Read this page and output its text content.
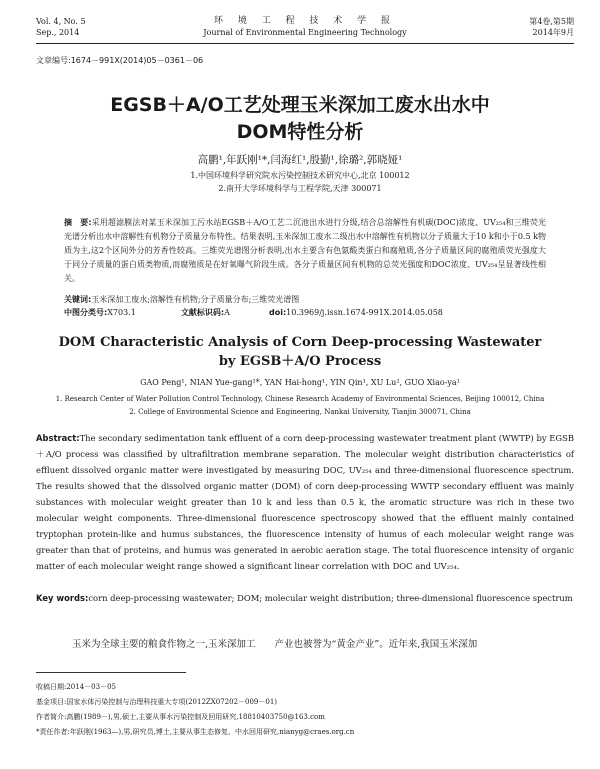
Vol. 4, No. 5
Sep., 2014
环 境 工 程 技 术 学 报
Journal of Environmental Engineering Technology
第4卷,第5期
2014年9月
文章编号:1674－991X(2014)05－0361－06
EGSB＋A/O工艺处理玉米深加工废水出水中
DOM特性分析
高鹏¹,年跃刚¹*,闫海红¹,殷勤¹,徐璐²,郭晓娅¹
1.中国环境科学研究院水污染控制技术研究中心,北京 100012
2.南开大学环境科学与工程学院,天津 300071
摘　要:采用超滤膜法对某玉米深加工污水站EGSB＋A/O工艺二沉池出水进行分级,结合总溶解性有机碳(DOC)浓度、UV₂₅₄和三维荧光光谱分析出水中溶解性有机物分子质量分布特性。结果表明,玉米深加工废水二级出水中溶解性有机物以分子质量大于10 k和小于0.5 k物质为主,这2个区间外分的芳香性较高。三维荧光谱图分析表明,出水主要含有色氨酸类蛋白和腐殖质,各分子质量区间的腐殖质荧光强度大于同分子质量的蛋白质类物质,而腐殖质是在好氧曝气阶段生成。各分子质量区间有机物的总荧光强度和DOC浓度、UV₂₅₄呈显著线性相关。
关键词:玉米深加工废水;溶解性有机物;分子质量分布;三维荧光谱图
中图分类号:X703.1	文献标识码:A	doi:10.3969/j.issn.1674-991X.2014.05.058
DOM Characteristic Analysis of Corn Deep-processing Wastewater
by EGSB＋A/O Process
GAO Peng¹, NIAN Yue-gang¹*, YAN Hai-hong¹, YIN Qin¹, XU Lu², GUO Xiao-ya¹
1. Research Center of Water Pollution Control Technology, Chinese Research Academy of Environmental Sciences, Beijing 100012, China
2. College of Environmental Science and Engineering, Nankai University, Tianjin 300071, China
Abstract:The secondary sedimentation tank effluent of a corn deep-processing wastewater treatment plant (WWTP) by EGSB＋A/O process was classified by ultrafiltration membrane separation. The molecular weight distribution characteristics of effluent dissolved organic matter were investigated by measuring DOC, UV₂₅₄ and three-dimensional fluorescence spectrum. The results showed that the dissolved organic matter (DOM) of corn deep-processing WWTP secondary effluent was mainly substances with molecular weight greater than 10 k and less than 0.5 k, the aromatic structure was rich in these two molecular weight components. Three-dimensional fluorescence spectroscopy showed that the effluent mainly contained tryptophan protein-like and humus substances, the fluorescence intensity of humus of each molecular weight range was greater than that of proteins, and humus was generated in aerobic aeration stage. The total fluorescence intensity of organic matter of each molecular weight range showed a significant linear correlation with DOC and UV₂₅₄.
Key words:corn deep-processing wastewater; DOM; molecular weight distribution; three-dimensional fluorescence spectrum
玉米为全球主要的粮食作物之一,玉米深加工　　产业也被誉为“黄金产业”。近年来,我国玉米深加
收稿日期:2014－03－05
基金项目:国家水体污染控制与治理科技重大专项(2012ZX07202－009－01)
作者简介:高鹏(1989－),男,硕士,主要从事水污染控制及回用研究,18810403750@163.com
*责任作者:年跃刚(1963—),男,研究员,博士,主要从事生态修复、中水回用研究,nianyg@craes.org.cn
